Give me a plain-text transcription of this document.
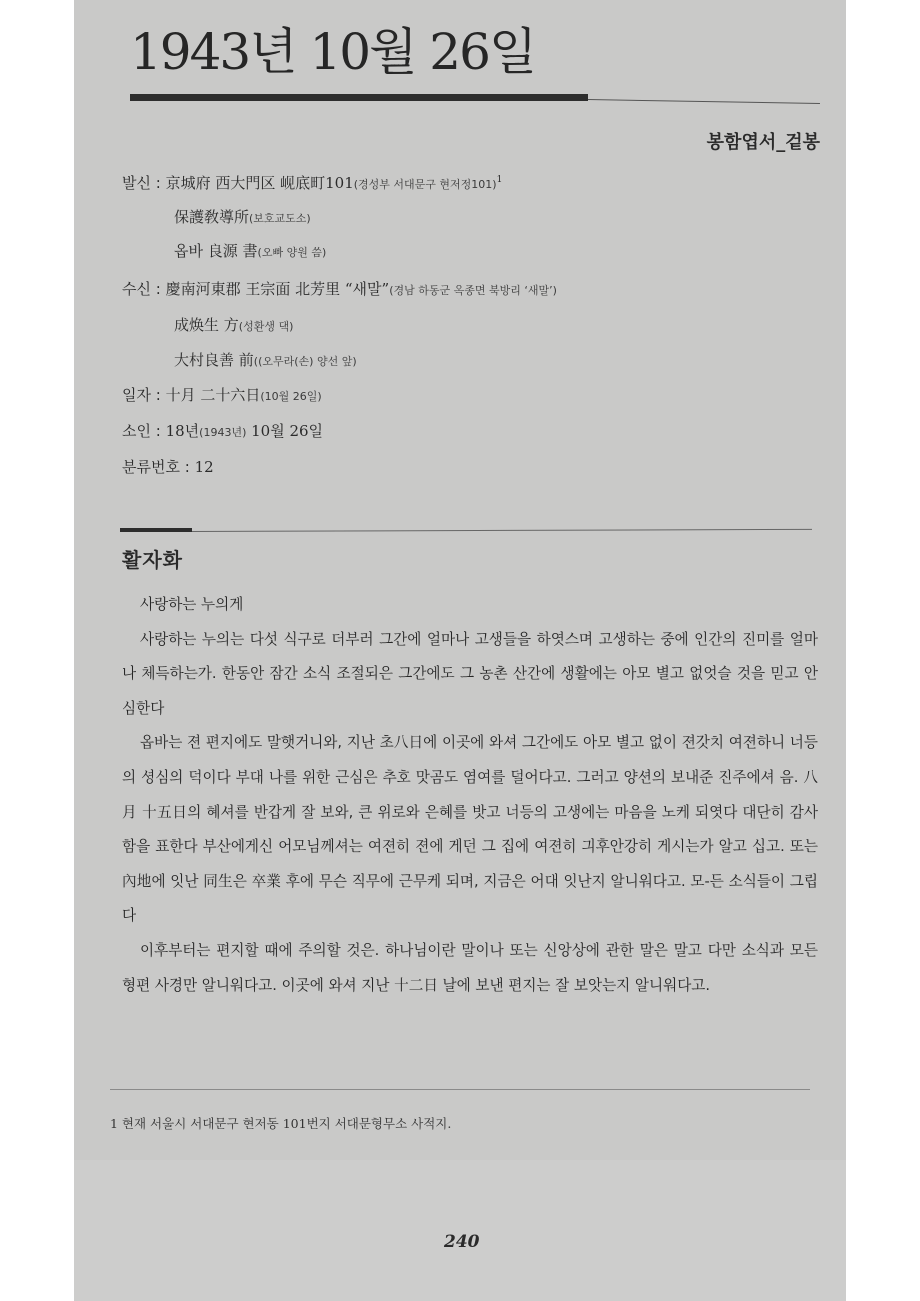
1943년 10월 26일
봉함엽서_겉봉
발신 : 京城府 西大門区 岘底町101(경성부 서대문구 현저정101)$^1$
保護敎導所(보호교도소)
옵바 良源 書(오빠 양원 씀)
수신 : 慶南河東郡 王宗面 北芳里 “새말”(경남 하동군 옥종면 북방리 ‘새말’)
成焕生 方(성환생 댁)
大村良善 前((오무라(손) 양선 앞)
일자 : 十月 二十六日(10월 26일)
소인 : 18년(1943년) 10월 26일
분류번호 : 12
활자화

사랑하는 누의게

사랑하는 누의는 다섯 식구로 더부러 그간에 얼마나 고생들을 하엿스며 고생하는 중에 인간의 진미를 얼마나 체득하는가. 한동안 잠간 소식 조절되은 그간에도 그 농촌 산간에 생활에는 아모 별고 없엇슬 것을 믿고 안심한다

옵바는 젼 편지에도 말햇거니와, 지난 초八日에 이곳에 와셔 그간에도 아모 별고 없이 젼갓치 여젼하니 너등의 셩심의 덕이다 부대 나를 위한 근심은 추호 맛곰도 염여를 덜어다고. 그러고 양션의 보내준 진주에셔 음. 八月 十五日의 혜셔를 반갑게 잘 보와, 큰 위로와 은혜를 밧고 너등의 고생에는 마음을 노케 되엿다 대단히 감사함을 표한다 부산에게신 어모님께셔는 여젼히 젼에 게던 그 집에 여젼히 긔후안강히 게시는가 알고 십고. 또는 內地에 잇난 同生은 卒業 후에 무슨 직무에 근무케 되며, 지금은 어대 잇난지 알니워다고. 모-든 소식들이 그립다

이후부터는 편지할 때에 주의할 것은. 하나님이란 말이나 또는 신앙상에 관한 말은 말고 다만 소식과 모든 형편 사경만 알니워다고. 이곳에 와셔 지난 十二日 날에 보낸 편지는 잘 보앗는지 알니워다고.

1 현재 서울시 서대문구 현저동 101번지 서대문형무소 사적지.
240
